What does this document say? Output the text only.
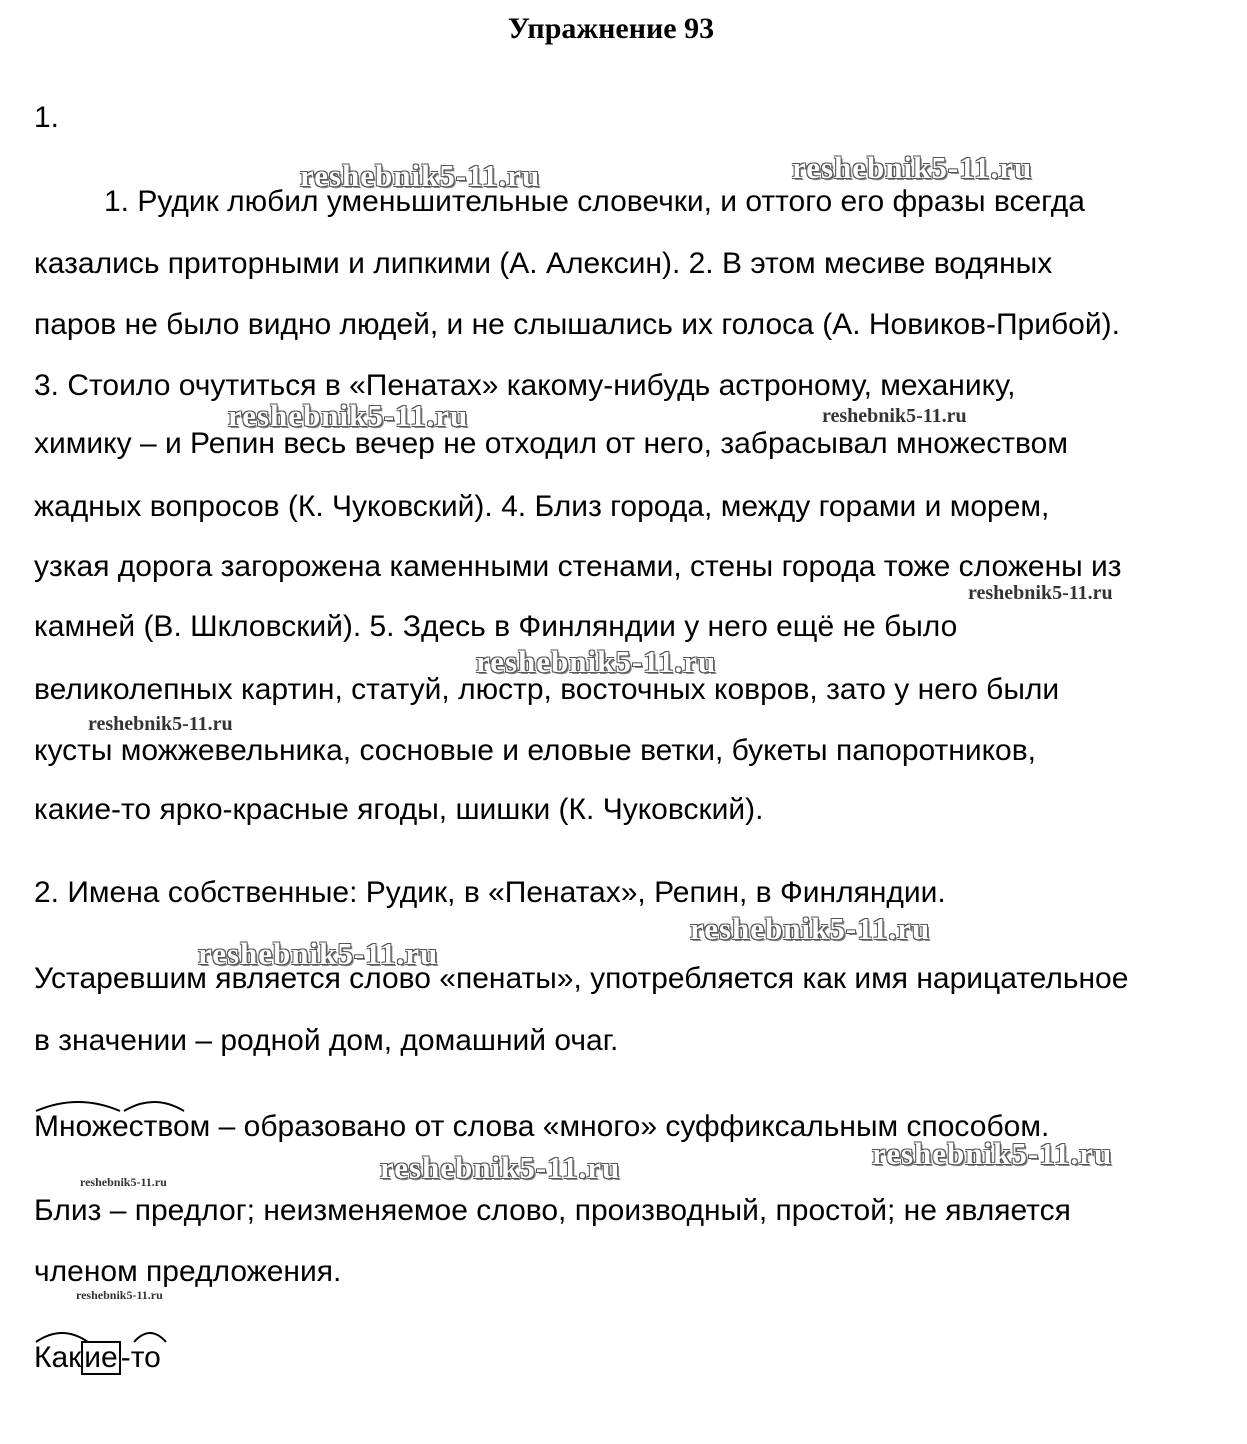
Упражнение 93
1.
1. Рудик любил уменьшительные словечки, и оттого его фразы всегда
казались приторными и липкими (А. Алексин). 2. В этом месиве водяных
паров не было видно людей, и не слышались их голоса (А. Новиков-Прибой).
3. Стоило очутиться в «Пенатах» какому-нибудь астроному, механику,
химику – и Репин весь вечер не отходил от него, забрасывал множеством
жадных вопросов (К. Чуковский). 4. Близ города, между горами и морем,
узкая дорога загорожена каменными стенами, стены города тоже сложены из
камней (В. Шкловский). 5. Здесь в Финляндии у него ещё не было
великолепных картин, статуй, люстр, восточных ковров, зато у него были
кусты можжевельника, сосновые и еловые ветки, букеты папоротников,
какие-то ярко-красные ягоды, шишки (К. Чуковский).
2. Имена собственные: Рудик, в «Пенатах», Репин, в Финляндии.
Устаревшим является слово «пенаты», употребляется как имя нарицательное
в значении – родной дом, домашний очаг.
Множеством – образовано от слова «много» суффиксальным способом.
Близ – предлог; неизменяемое слово, производный, простой; не является
членом предложения.
Как ие -то
reshebnik5-11.ru	reshebnik5-11.ru
reshebnik5-11.ru	reshebnik5-11.ru
reshebnik5-11.ru
reshebnik5-11.ru
reshebnik5-11.ru
reshebnik5-11.ru
reshebnik5-11.ru
reshebnik5-11.ru	reshebnik5-11.ru	reshebnik5-11.ru
reshebnik5-11.ru
